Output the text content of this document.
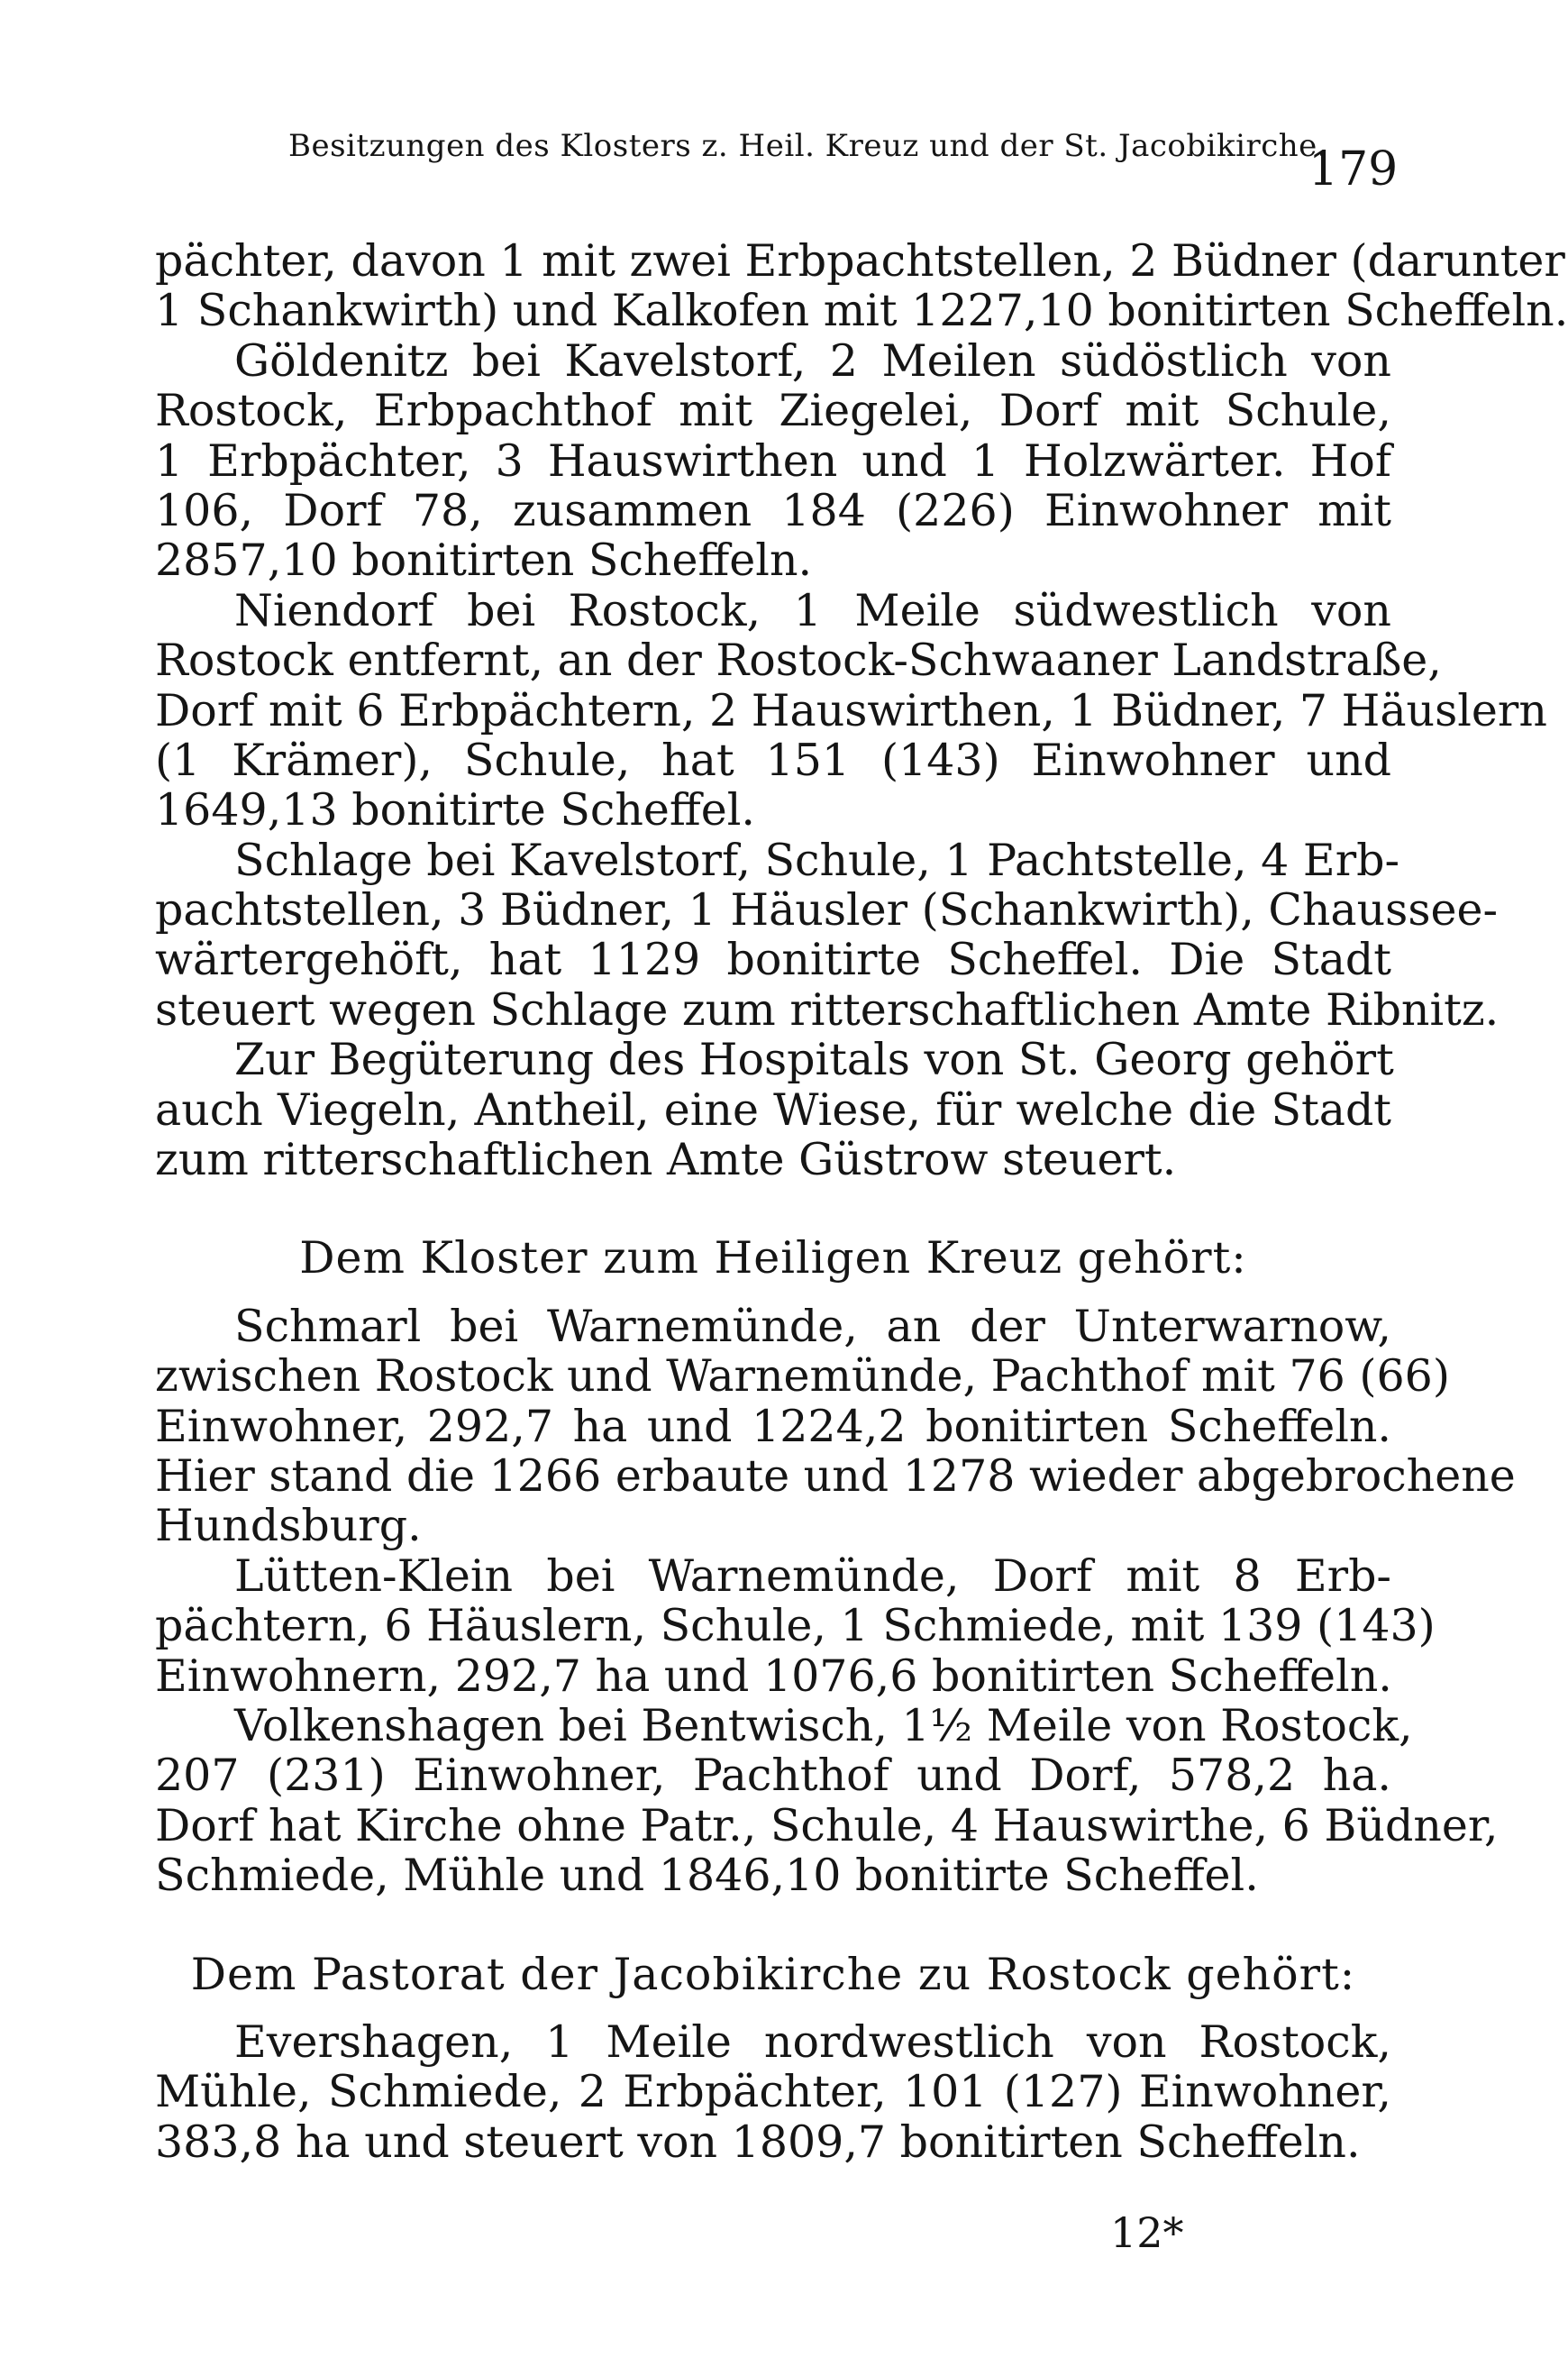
Besitzungen des Klosters z. Heil. Kreuz und der St. Jacobikirche.
179
pächter, davon 1 mit zwei Erbpachtstellen, 2 Büdner (darunter
1 Schankwirth) und Kalkofen mit 1227,10 bonitirten Scheffeln.
Göldenitz bei Kavelstorf, 2 Meilen südöstlich von
Rostock, Erbpachthof mit Ziegelei, Dorf mit Schule,
1 Erbpächter, 3 Hauswirthen und 1 Holzwärter. Hof
106, Dorf 78, zusammen 184 (226) Einwohner mit
2857,10 bonitirten Scheffeln.
Niendorf bei Rostock, 1 Meile südwestlich von
Rostock entfernt, an der Rostock-Schwaaner Landstraße,
Dorf mit 6 Erbpächtern, 2 Hauswirthen, 1 Büdner, 7 Häuslern
(1 Krämer), Schule, hat 151 (143) Einwohner und
1649,13 bonitirte Scheffel.
Schlage bei Kavelstorf, Schule, 1 Pachtstelle, 4 Erb-
pachtstellen, 3 Büdner, 1 Häusler (Schankwirth), Chaussee-
wärtergehöft, hat 1129 bonitirte Scheffel. Die Stadt
steuert wegen Schlage zum ritterschaftlichen Amte Ribnitz.
Zur Begüterung des Hospitals von St. Georg gehört
auch Viegeln, Antheil, eine Wiese, für welche die Stadt
zum ritterschaftlichen Amte Güstrow steuert.
Dem Kloster zum Heiligen Kreuz gehört:
Schmarl bei Warnemünde, an der Unterwarnow,
zwischen Rostock und Warnemünde, Pachthof mit 76 (66)
Einwohner, 292,7 ha und 1224,2 bonitirten Scheffeln.
Hier stand die 1266 erbaute und 1278 wieder abgebrochene
Hundsburg.
Lütten-Klein bei Warnemünde, Dorf mit 8 Erb-
pächtern, 6 Häuslern, Schule, 1 Schmiede, mit 139 (143)
Einwohnern, 292,7 ha und 1076,6 bonitirten Scheffeln.
Volkenshagen bei Bentwisch, 1½ Meile von Rostock,
207 (231) Einwohner, Pachthof und Dorf, 578,2 ha.
Dorf hat Kirche ohne Patr., Schule, 4 Hauswirthe, 6 Büdner,
Schmiede, Mühle und 1846,10 bonitirte Scheffel.
Dem Pastorat der Jacobikirche zu Rostock gehört:
Evershagen, 1 Meile nordwestlich von Rostock,
Mühle, Schmiede, 2 Erbpächter, 101 (127) Einwohner,
383,8 ha und steuert von 1809,7 bonitirten Scheffeln.
12*
